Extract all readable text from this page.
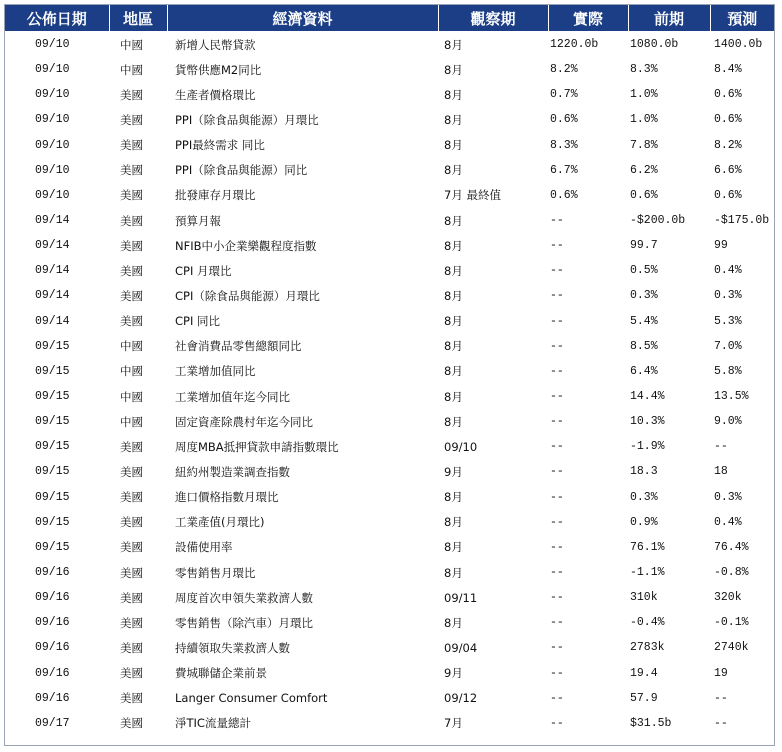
公佈日期	地區	經濟資料	觀察期	實際	前期	預測
09/10	中國	新增人民幣貸款	8月	1220.0b	1080.0b	1400.0b
09/10	中國	貨幣供應M2同比	8月	8.2%	8.3%	8.4%
09/10	美國	生產者價格環比	8月	0.7%	1.0%	0.6%
09/10	美國	PPI（除食品與能源）月環比	8月	0.6%	1.0%	0.6%
09/10	美國	PPI最終需求 同比	8月	8.3%	7.8%	8.2%
09/10	美國	PPI（除食品與能源）同比	8月	6.7%	6.2%	6.6%
09/10	美國	批發庫存月環比	7月 最終值	0.6%	0.6%	0.6%
09/14	美國	預算月報	8月	--	-$200.0b	-$175.0b
09/14	美國	NFIB中小企業樂觀程度指數	8月	--	99.7	99
09/14	美國	CPI 月環比	8月	--	0.5%	0.4%
09/14	美國	CPI（除食品與能源）月環比	8月	--	0.3%	0.3%
09/14	美國	CPI 同比	8月	--	5.4%	5.3%
09/15	中國	社會消費品零售總額同比	8月	--	8.5%	7.0%
09/15	中國	工業增加值同比	8月	--	6.4%	5.8%
09/15	中國	工業增加值年迄今同比	8月	--	14.4%	13.5%
09/15	中國	固定資產除農村年迄今同比	8月	--	10.3%	9.0%
09/15	美國	周度MBA抵押貸款申請指數環比	09/10	--	-1.9%	--
09/15	美國	紐約州製造業調查指數	9月	--	18.3	18
09/15	美國	進口價格指數月環比	8月	--	0.3%	0.3%
09/15	美國	工業產值(月環比)	8月	--	0.9%	0.4%
09/15	美國	設備使用率	8月	--	76.1%	76.4%
09/16	美國	零售銷售月環比	8月	--	-1.1%	-0.8%
09/16	美國	周度首次申領失業救濟人數	09/11	--	310k	320k
09/16	美國	零售銷售（除汽車）月環比	8月	--	-0.4%	-0.1%
09/16	美國	持續領取失業救濟人數	09/04	--	2783k	2740k
09/16	美國	費城聯儲企業前景	9月	--	19.4	19
09/16	美國	Langer Consumer Comfort	09/12	--	57.9	--
09/17	美國	淨TIC流量總計	7月	--	$31.5b	--
